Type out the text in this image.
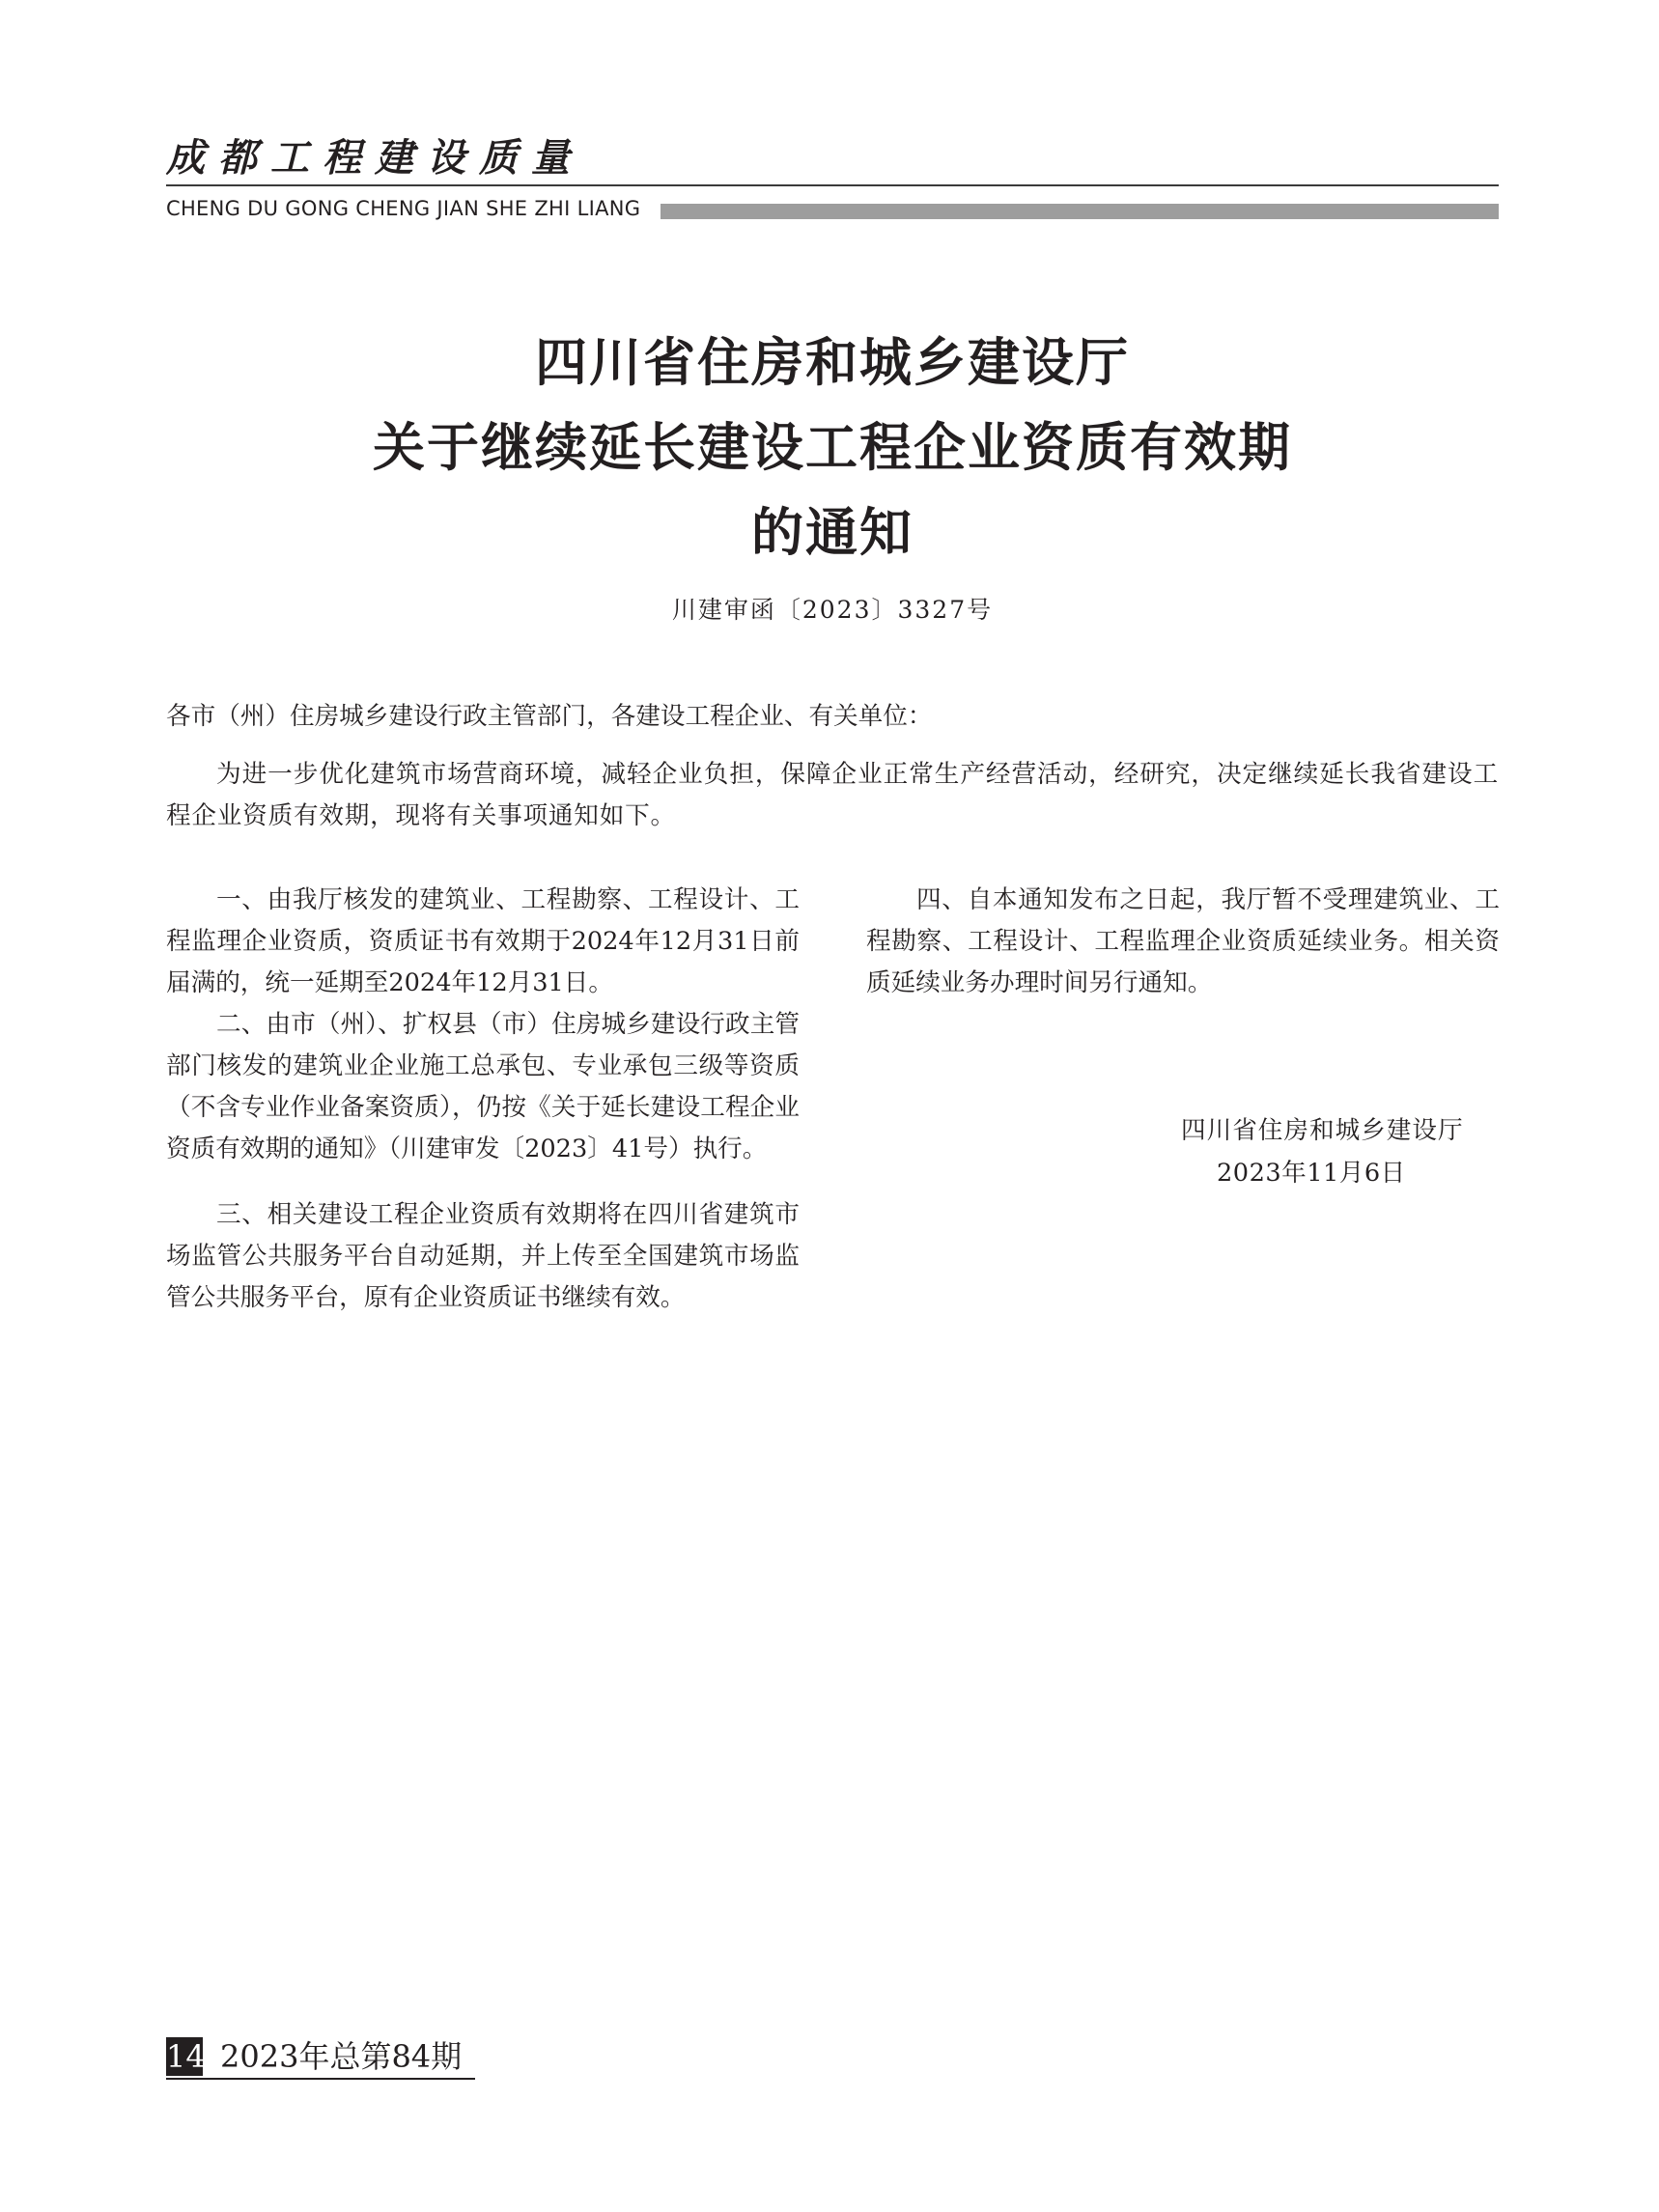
成都工程建设质量
CHENG DU GONG CHENG JIAN SHE ZHI LIANG
四川省住房和城乡建设厅
关于继续延长建设工程企业资质有效期
的通知
川建审函〔2023〕3327号

各市（州）住房城乡建设行政主管部门，各建设工程企业、有关单位：

为进一步优化建筑市场营商环境，减轻企业负担，保障企业正常生产经营活动，经研究，决定继续延长我省建设工程企业资质有效期，现将有关事项通知如下。

一、由我厅核发的建筑业、工程勘察、工程设计、工程监理企业资质，资质证书有效期于2024年12月31日前届满的，统一延期至2024年12月31日。

二、由市（州）、扩权县（市）住房城乡建设行政主管部门核发的建筑业企业施工总承包、专业承包三级等资质（不含专业作业备案资质），仍按《关于延长建设工程企业资质有效期的通知》（川建审发〔2023〕41号）执行。

三、相关建设工程企业资质有效期将在四川省建筑市场监管公共服务平台自动延期，并上传至全国建筑市场监管公共服务平台，原有企业资质证书继续有效。

四、自本通知发布之日起，我厅暂不受理建筑业、工程勘察、工程设计、工程监理企业资质延续业务。相关资质延续业务办理时间另行通知。

四川省住房和城乡建设厅
2023年11月6日
14 2023年总第84期
